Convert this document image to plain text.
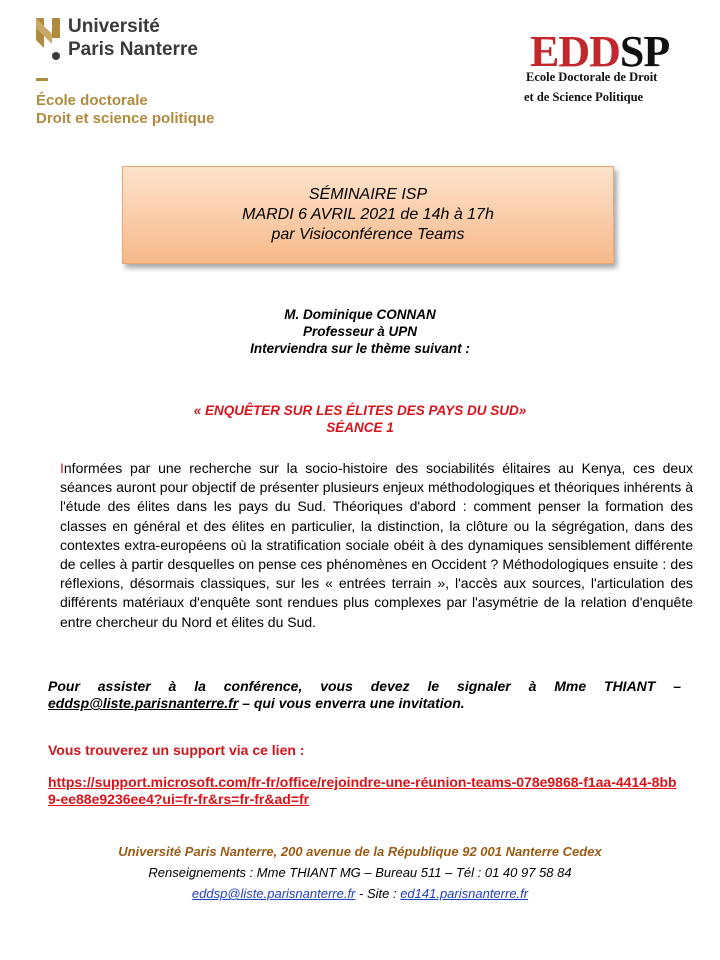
Université
Paris Nanterre
École doctorale
Droit et science politique
EDDSP
Ecole Doctorale de Droit
et de Science Politique
SÉMINAIRE ISP
MARDI 6 AVRIL 2021 de 14h à 17h
par Visioconférence Teams
M. Dominique CONNAN
Professeur à UPN
Interviendra sur le thème suivant :
« ENQUÊTER SUR LES ÉLITES DES PAYS DU SUD»
SÉANCE 1

Informées par une recherche sur la socio-histoire des sociabilités élitaires au Kenya, ces deux séances auront pour objectif de présenter plusieurs enjeux méthodologiques et théoriques inhérents à l'étude des élites dans les pays du Sud. Théoriques d'abord : comment penser la formation des classes en général et des élites en particulier, la distinction, la clôture ou la ségrégation, dans des contextes extra-européens où la stratification sociale obéit à des dynamiques sensiblement différente de celles à partir desquelles on pense ces phénomènes en Occident ? Méthodologiques ensuite : des réflexions, désormais classiques, sur les « entrées terrain », l'accès aux sources, l'articulation des différents matériaux d'enquête sont rendues plus complexes par l'asymétrie de la relation d'enquête entre chercheur du Nord et élites du Sud.

Pour assister à la conférence, vous devez le signaler à Mme THIANT – eddsp@liste.parisnanterre.fr – qui vous enverra une invitation.

Vous trouverez un support via ce lien :
https://support.microsoft.com/fr-fr/office/rejoindre-une-réunion-teams-078e9868-f1aa-4414-8bb9-ee88e9236ee4?ui=fr-fr&rs=fr-fr&ad=fr
Université Paris Nanterre, 200 avenue de la République 92 001 Nanterre Cedex
Renseignements : Mme THIANT MG – Bureau 511 – Tél : 01 40 97 58 84
eddsp@liste.parisnanterre.fr - Site : ed141.parisnanterre.fr
